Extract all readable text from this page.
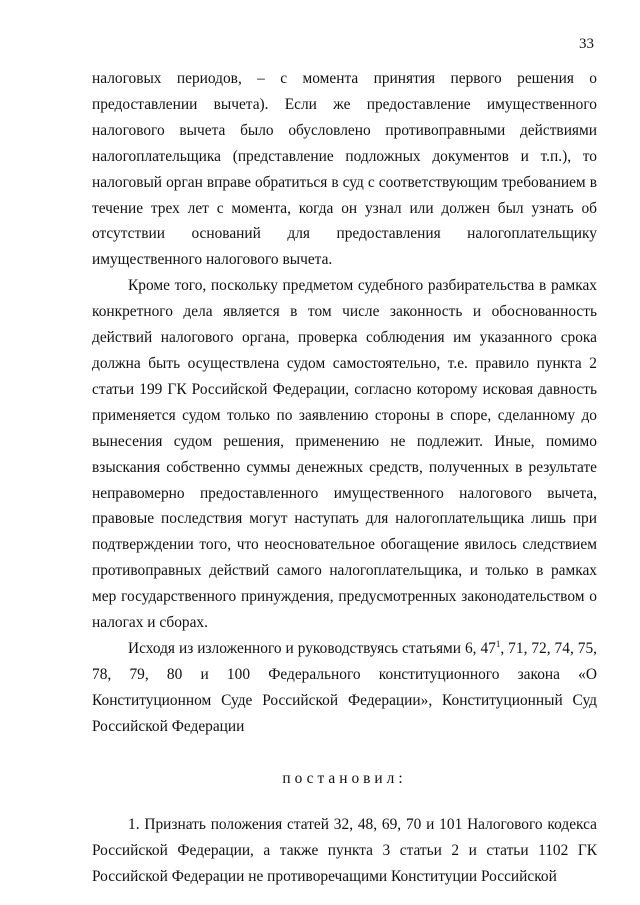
33

налоговых периодов, – с момента принятия первого решения о предоставлении вычета). Если же предоставление имущественного налогового вычета было обусловлено противоправными действиями налогоплательщика (представление подложных документов и т.п.), то налоговый орган вправе обратиться в суд с соответствующим требованием в течение трех лет с момента, когда он узнал или должен был узнать об отсутствии оснований для предоставления налогоплательщику имущественного налогового вычета.

Кроме того, поскольку предметом судебного разбирательства в рамках конкретного дела является в том числе законность и обоснованность действий налогового органа, проверка соблюдения им указанного срока должна быть осуществлена судом самостоятельно, т.е. правило пункта 2 статьи 199 ГК Российской Федерации, согласно которому исковая давность применяется судом только по заявлению стороны в споре, сделанному до вынесения судом решения, применению не подлежит. Иные, помимо взыскания собственно суммы денежных средств, полученных в результате неправомерно предоставленного имущественного налогового вычета, правовые последствия могут наступать для налогоплательщика лишь при подтверждении того, что неосновательное обогащение явилось следствием противоправных действий самого налогоплательщика, и только в рамках мер государственного принуждения, предусмотренных законодательством о налогах и сборах.

Исходя из изложенного и руководствуясь статьями 6, $47^1$, 71, 72, 74, 75, 78, 79, 80 и 100 Федерального конституционного закона «О Конституционном Суде Российской Федерации», Конституционный Суд Российской Федерации

постановил:

1. Признать положения статей 32, 48, 69, 70 и 101 Налогового кодекса Российской Федерации, а также пункта 3 статьи 2 и статьи 1102 ГК Российской Федерации не противоречащими Конституции Российской
